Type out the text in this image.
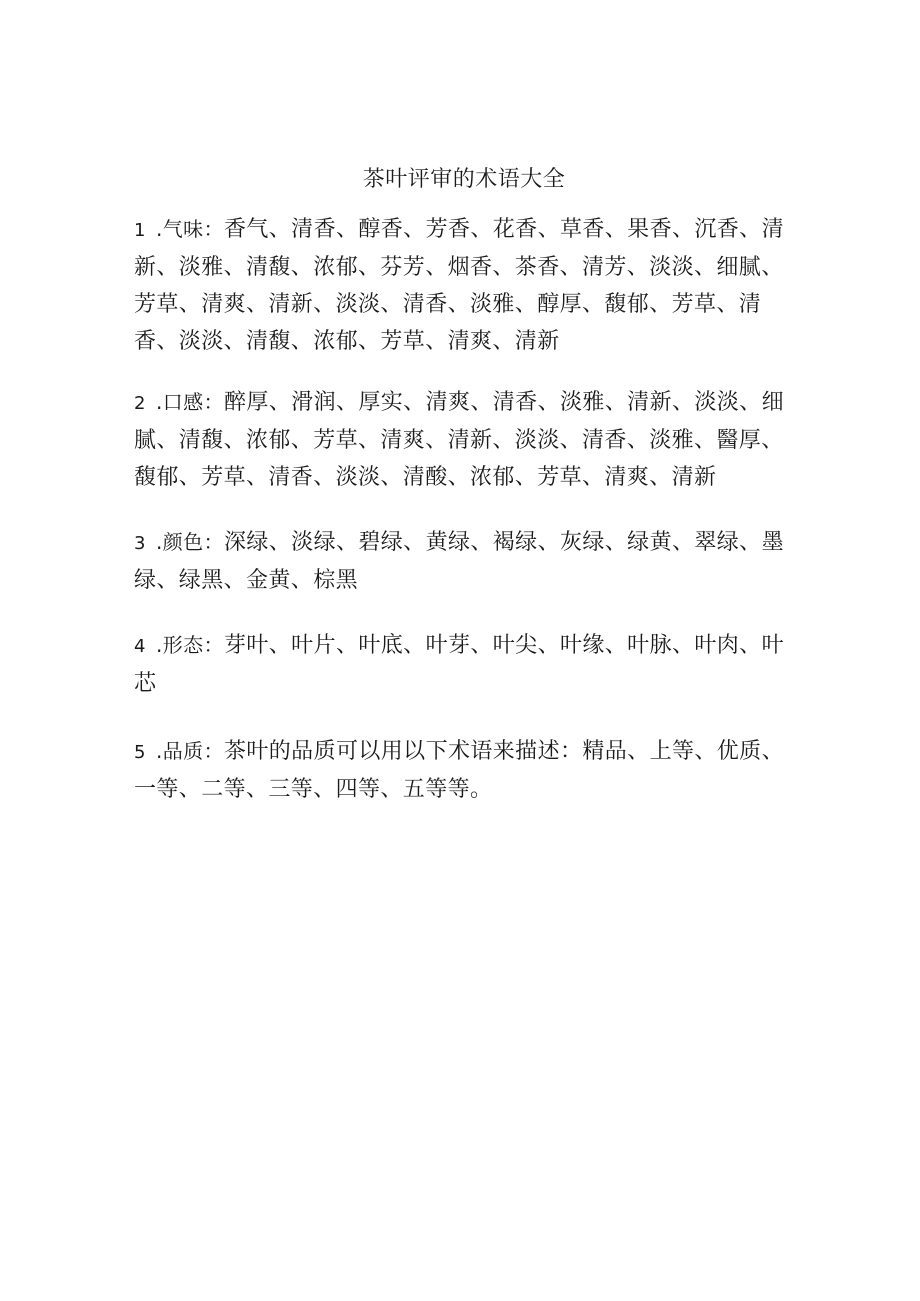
茶叶评审的术语大全

1 .气味：香气、清香、醇香、芳香、花香、草香、果香、沉香、清新、淡雅、清馥、浓郁、芬芳、烟香、茶香、清芳、淡淡、细腻、芳草、清爽、清新、淡淡、清香、淡雅、醇厚、馥郁、芳草、清香、淡淡、清馥、浓郁、芳草、清爽、清新

2 .口感：醉厚、滑润、厚实、清爽、清香、淡雅、清新、淡淡、细腻、清馥、浓郁、芳草、清爽、清新、淡淡、清香、淡雅、醫厚、馥郁、芳草、清香、淡淡、清酸、浓郁、芳草、清爽、清新

3 .颜色：深绿、淡绿、碧绿、黄绿、褐绿、灰绿、绿黄、翠绿、墨绿、绿黑、金黄、棕黑

4 .形态：芽叶、叶片、叶底、叶芽、叶尖、叶缘、叶脉、叶肉、叶芯

5 .品质：茶叶的品质可以用以下术语来描述：精品、上等、优质、一等、二等、三等、四等、五等等。
